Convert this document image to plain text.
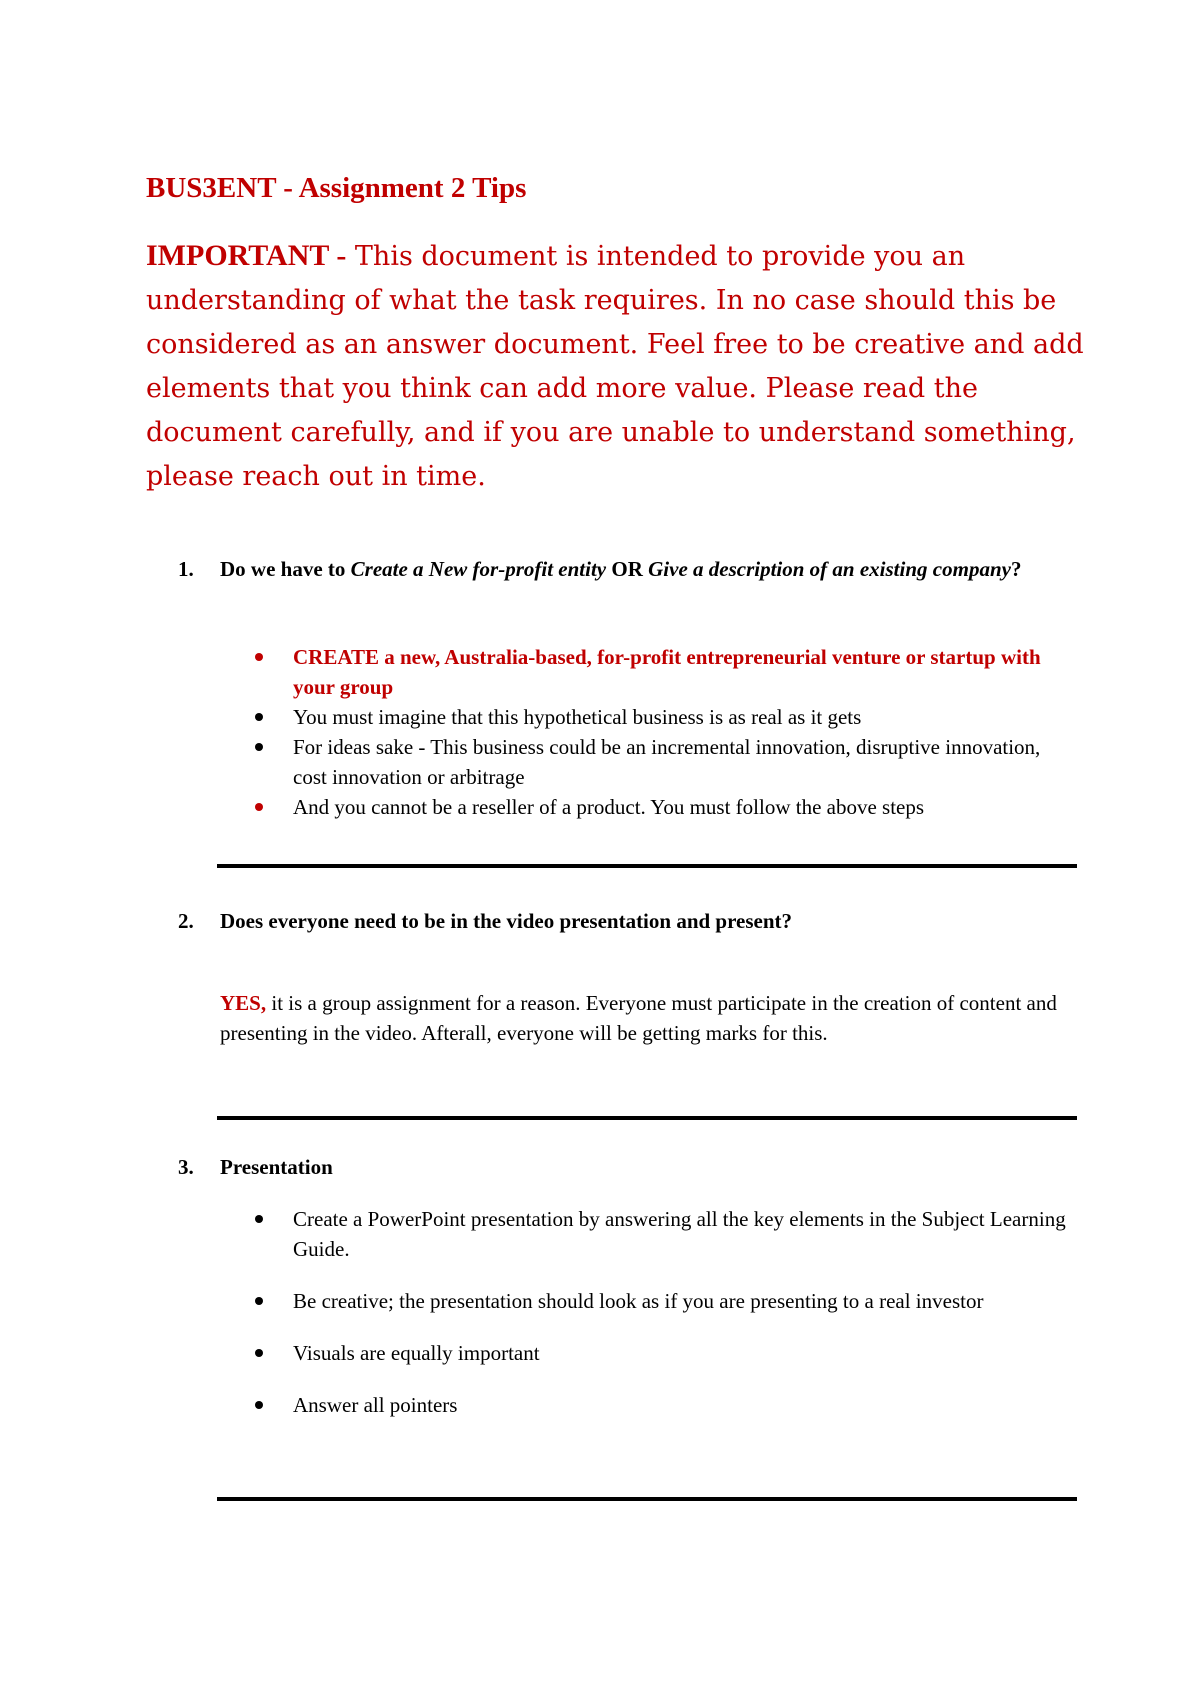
BUS3ENT - Assignment 2 Tips

IMPORTANT - This document is intended to provide you an understanding of what the task requires. In no case should this be considered as an answer document. Feel free to be creative and add elements that you think can add more value. Please read the document carefully, and if you are unable to understand something, please reach out in time.

1. Do we have to Create a New for-profit entity OR Give a description of an existing company?
CREATE a new, Australia-based, for-profit entrepreneurial venture or startup with your group
You must imagine that this hypothetical business is as real as it gets
For ideas sake - This business could be an incremental innovation, disruptive innovation, cost innovation or arbitrage
And you cannot be a reseller of a product. You must follow the above steps
2. Does everyone need to be in the video presentation and present?

YES, it is a group assignment for a reason. Everyone must participate in the creation of content and presenting in the video. Afterall, everyone will be getting marks for this.

3. Presentation
Create a PowerPoint presentation by answering all the key elements in the Subject Learning Guide.
Be creative; the presentation should look as if you are presenting to a real investor
Visuals are equally important
Answer all pointers
